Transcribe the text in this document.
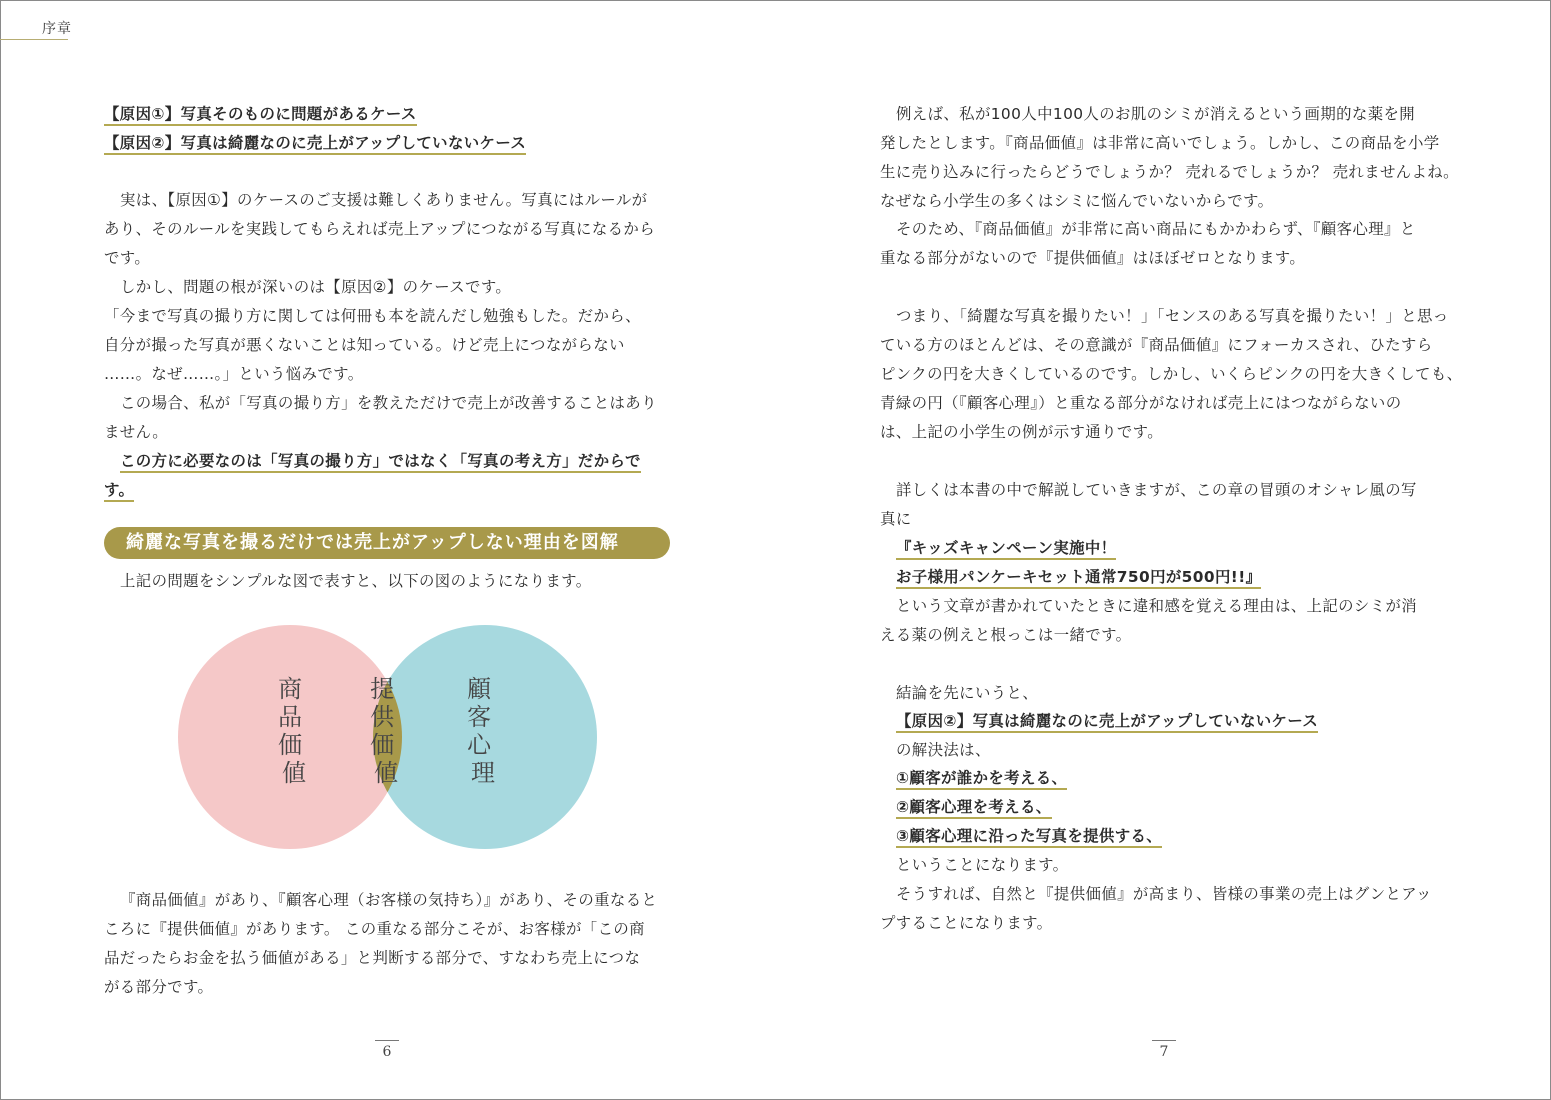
序章
【原因①】写真そのものに問題があるケース
【原因②】写真は綺麗なのに売上がアップしていないケース
実は、【原因①】のケースのご支援は難しくありません。写真にはルールが
あり、そのルールを実践してもらえれば売上アップにつながる写真になるから
です。
しかし、問題の根が深いのは【原因②】のケースです。
「今まで写真の撮り方に関しては何冊も本を読んだし勉強もした。だから、
自分が撮った写真が悪くないことは知っている。けど売上につながらない
……。なぜ……。」という悩みです。
この場合、私が「写真の撮り方」を教えただけで売上が改善することはあり
ません。
この方に必要なのは「写真の撮り方」ではなく「写真の考え方」だからで
す。
上記の問題をシンプルな図で表すと、以下の図のようになります。
『商品価値』があり、『顧客心理（お客様の気持ち）』があり、その重なると
ころに『提供価値』があります。 この重なる部分こそが、お客様が「この商
品だったらお金を払う価値がある」と判断する部分で、すなわち売上につな
がる部分です。
綺麗な写真を撮るだけでは売上がアップしない理由を図解
商 品 価 値
提 供 価 値
顧 客 心 理
6
例えば、私が100人中100人のお肌のシミが消えるという画期的な薬を開
発したとします。『商品価値』は非常に高いでしょう。しかし、この商品を小学
生に売り込みに行ったらどうでしょうか？ 売れるでしょうか？ 売れませんよね。
なぜなら小学生の多くはシミに悩んでいないからです。
そのため、『商品価値』が非常に高い商品にもかかわらず、『顧客心理』と
重なる部分がないので『提供価値』はほぼゼロとなります。
つまり、「綺麗な写真を撮りたい！」「センスのある写真を撮りたい！」と思っ
ている方のほとんどは、その意識が『商品価値』にフォーカスされ、ひたすら
ピンクの円を大きくしているのです。しかし、いくらピンクの円を大きくしても、
青緑の円（『顧客心理』）と重なる部分がなければ売上にはつながらないの
は、上記の小学生の例が示す通りです。
詳しくは本書の中で解説していきますが、この章の冒頭のオシャレ風の写
真に
『キッズキャンペーン実施中！
お子様用パンケーキセット通常750円が500円!!』
という文章が書かれていたときに違和感を覚える理由は、上記のシミが消
える薬の例えと根っこは一緒です。
結論を先にいうと、
【原因②】写真は綺麗なのに売上がアップしていないケース
の解決法は、
①顧客が誰かを考える、
②顧客心理を考える、
③顧客心理に沿った写真を提供する、
ということになります。
そうすれば、自然と『提供価値』が高まり、皆様の事業の売上はグンとアッ
プすることになります。
7
